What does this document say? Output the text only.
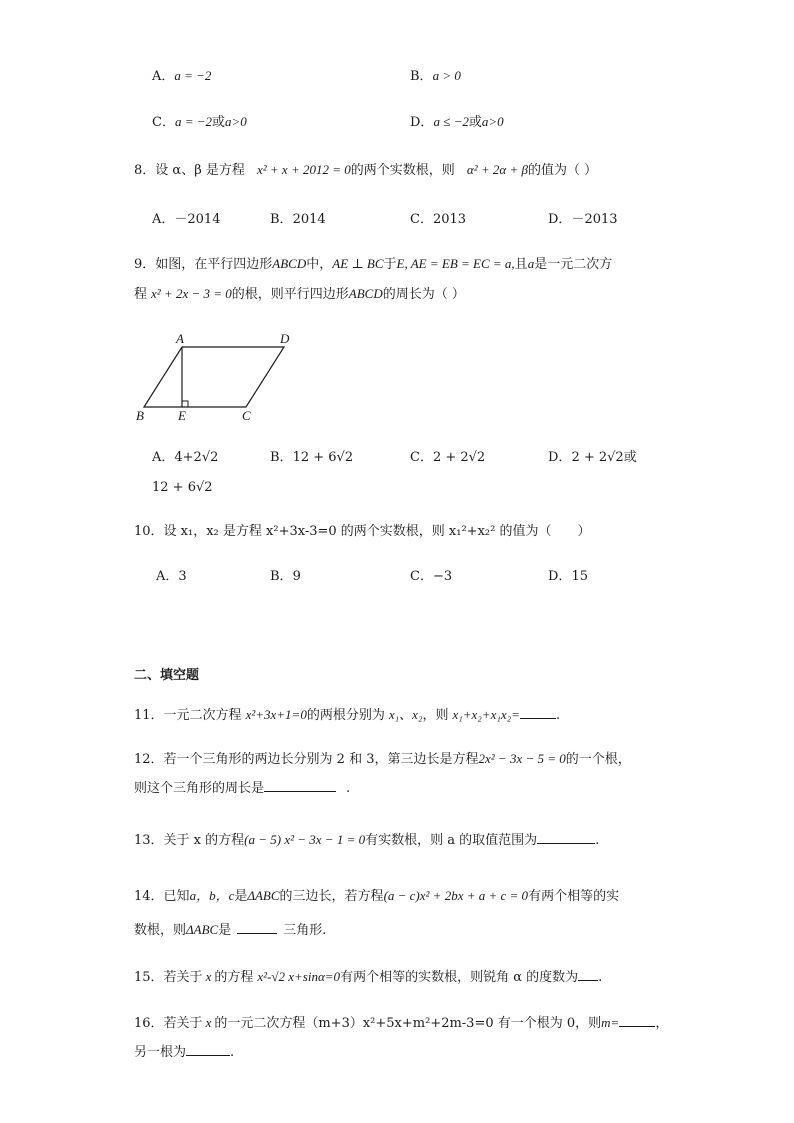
A．a = −2	B．a > 0
C．a = −2或a>0	D．a ≤ −2或a>0
8．设 α、β 是方程 x² + x + 2012 = 0的两个实数根，则 α² + 2α + β的值为（ ）
A．－2014	B．2014	C．2013	D．－2013
9．如图，在平行四边形ABCD中，AE ⊥ BC于E, AE = EB = EC = a,且a是一元二次方
程 x² + 2x − 3 = 0的根，则平行四边形ABCD的周长为（ ）
A	D
B	E	C
A．4+2√2	B．12 + 6√2	C．2 + 2√2	D．2 + 2√2或
12 + 6√2
10．设 x₁，x₂ 是方程 x²+3x-3=0 的两个实数根，则 x₁²+x₂² 的值为（　　）
A．3	B．9	C．−3	D．15
二、填空题
11．一元二次方程 x²+3x+1=0的两根分别为 x₁、x₂，则 x₁+x₂+x₁x₂=	.
12．若一个三角形的两边长分别为 2 和 3，第三边长是方程2x² − 3x − 5 = 0的一个根，
则这个三角形的周长是	.
13．关于 x 的方程(a − 5) x² − 3x − 1 = 0有实数根，则 a 的取值范围为	.
14．已知a，b，c是ΔABC的三边长，若方程(a − c)x² + 2bx + a + c = 0有两个相等的实
数根，则ΔABC是	三角形.
15．若关于 x 的方程 x²-√2 x+sinα=0有两个相等的实数根，则锐角 α 的度数为 .
16．若关于 x 的一元二次方程（m+3）x²+5x+m²+2m-3=0 有一个根为 0，则m=	，
另一根为	.
